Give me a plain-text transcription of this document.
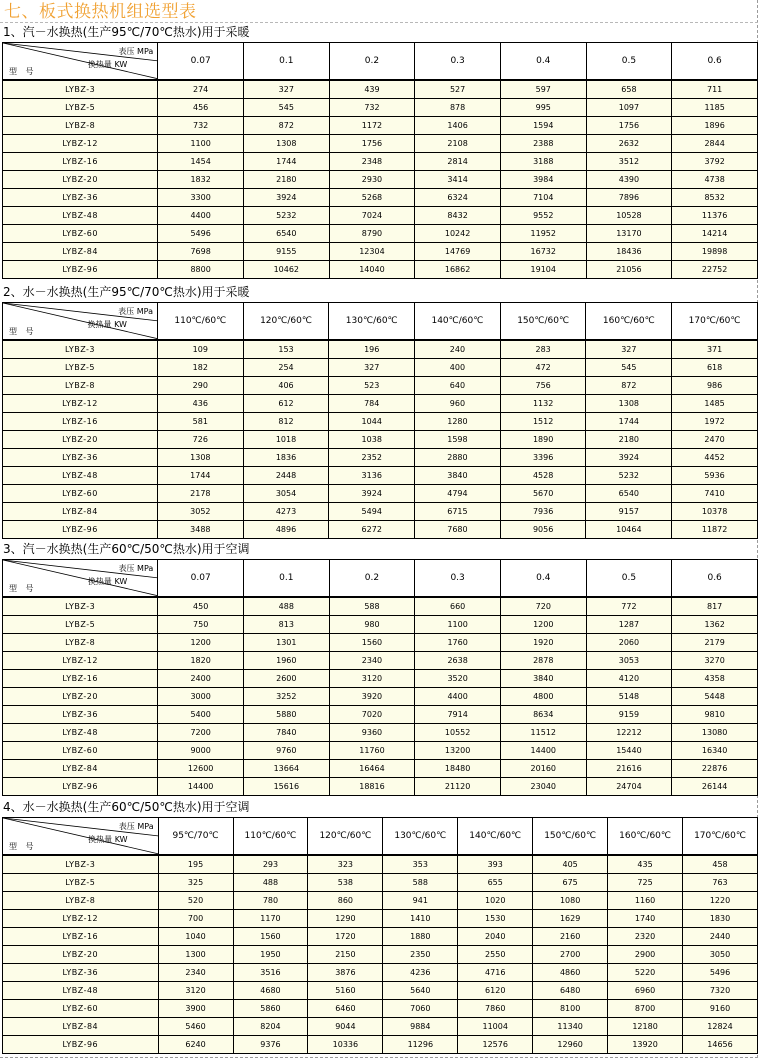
七、板式换热机组选型表
1、汽－水换热(生产95℃/70℃热水)用于采暖
表压 MPa
换热量 KW
型 号	0.07	0.1	0.2	0.3	0.4	0.5	0.6
LYBZ-3	274	327	439	527	597	658	711
LYBZ-5	456	545	732	878	995	1097	1185
LYBZ-8	732	872	1172	1406	1594	1756	1896
LYBZ-12	1100	1308	1756	2108	2388	2632	2844
LYBZ-16	1454	1744	2348	2814	3188	3512	3792
LYBZ-20	1832	2180	2930	3414	3984	4390	4738
LYBZ-36	3300	3924	5268	6324	7104	7896	8532
LYBZ-48	4400	5232	7024	8432	9552	10528	11376
LYBZ-60	5496	6540	8790	10242	11952	13170	14214
LYBZ-84	7698	9155	12304	14769	16732	18436	19898
LYBZ-96	8800	10462	14040	16862	19104	21056	22752
2、水－水换热(生产95℃/70℃热水)用于采暖
表压 MPa
换热量 KW
型 号	110℃/60℃	120℃/60℃	130℃/60℃	140℃/60℃	150℃/60℃	160℃/60℃	170℃/60℃
LYBZ-3	109	153	196	240	283	327	371
LYBZ-5	182	254	327	400	472	545	618
LYBZ-8	290	406	523	640	756	872	986
LYBZ-12	436	612	784	960	1132	1308	1485
LYBZ-16	581	812	1044	1280	1512	1744	1972
LYBZ-20	726	1018	1038	1598	1890	2180	2470
LYBZ-36	1308	1836	2352	2880	3396	3924	4452
LYBZ-48	1744	2448	3136	3840	4528	5232	5936
LYBZ-60	2178	3054	3924	4794	5670	6540	7410
LYBZ-84	3052	4273	5494	6715	7936	9157	10378
LYBZ-96	3488	4896	6272	7680	9056	10464	11872
3、汽－水换热(生产60℃/50℃热水)用于空调
表压 MPa
换热量 KW
型 号	0.07	0.1	0.2	0.3	0.4	0.5	0.6
LYBZ-3	450	488	588	660	720	772	817
LYBZ-5	750	813	980	1100	1200	1287	1362
LYBZ-8	1200	1301	1560	1760	1920	2060	2179
LYBZ-12	1820	1960	2340	2638	2878	3053	3270
LYBZ-16	2400	2600	3120	3520	3840	4120	4358
LYBZ-20	3000	3252	3920	4400	4800	5148	5448
LYBZ-36	5400	5880	7020	7914	8634	9159	9810
LYBZ-48	7200	7840	9360	10552	11512	12212	13080
LYBZ-60	9000	9760	11760	13200	14400	15440	16340
LYBZ-84	12600	13664	16464	18480	20160	21616	22876
LYBZ-96	14400	15616	18816	21120	23040	24704	26144
4、水－水换热(生产60℃/50℃热水)用于空调
表压 MPa
换热量 KW
型 号	95℃/70℃	110℃/60℃	120℃/60℃	130℃/60℃	140℃/60℃	150℃/60℃	160℃/60℃	170℃/60℃
LYBZ-3	195	293	323	353	393	405	435	458
LYBZ-5	325	488	538	588	655	675	725	763
LYBZ-8	520	780	860	941	1020	1080	1160	1220
LYBZ-12	700	1170	1290	1410	1530	1629	1740	1830
LYBZ-16	1040	1560	1720	1880	2040	2160	2320	2440
LYBZ-20	1300	1950	2150	2350	2550	2700	2900	3050
LYBZ-36	2340	3516	3876	4236	4716	4860	5220	5496
LYBZ-48	3120	4680	5160	5640	6120	6480	6960	7320
LYBZ-60	3900	5860	6460	7060	7860	8100	8700	9160
LYBZ-84	5460	8204	9044	9884	11004	11340	12180	12824
LYBZ-96	6240	9376	10336	11296	12576	12960	13920	14656
